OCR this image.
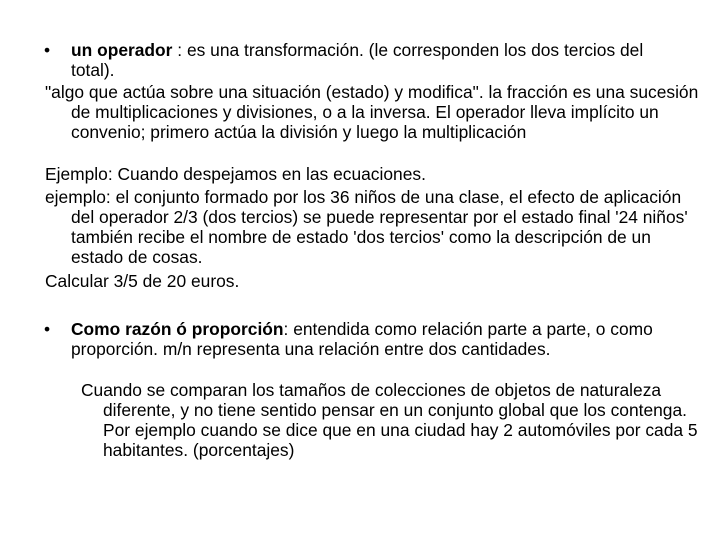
• un operador : es una transformación. (le corresponden los dos tercios del total).

"algo que actúa sobre una situación (estado) y modifica". la fracción es una sucesión de multiplicaciones y divisiones, o a la inversa. El operador lleva implícito un convenio; primero actúa la división y luego la multiplicación

Ejemplo: Cuando despejamos en las ecuaciones.

ejemplo: el conjunto formado por los 36 niños de una clase, el efecto de aplicación del operador 2/3 (dos tercios) se puede representar por el estado final '24 niños' también recibe el nombre de estado 'dos tercios' como la descripción de un estado de cosas.

Calcular 3/5 de 20 euros.

• Como razón ó proporción: entendida como relación parte a parte, o como proporción. m/n representa una relación entre dos cantidades.

Cuando se comparan los tamaños de colecciones de objetos de naturaleza diferente, y no tiene sentido pensar en un conjunto global que los contenga. Por ejemplo cuando se dice que en una ciudad hay 2 automóviles por cada 5 habitantes. (porcentajes)
